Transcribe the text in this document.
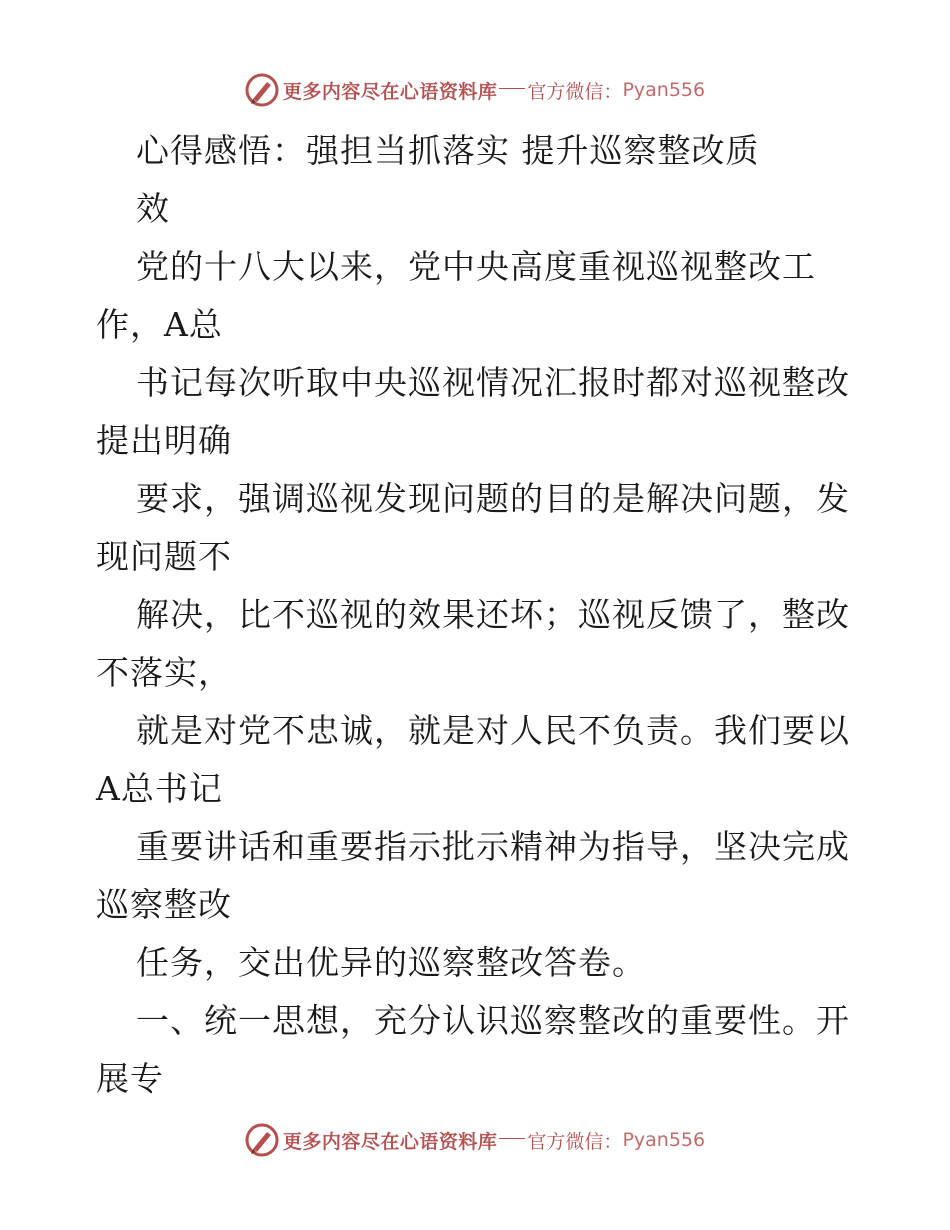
更多内容尽在心语资料库 官方微信： Pyan556
心得感悟：强担当抓落实 提升巡察整改质
效
党的十八大以来，党中央高度重视巡视整改工
作，A总
书记每次听取中央巡视情况汇报时都对巡视整改
提出明确
要求，强调巡视发现问题的目的是解决问题，发
现问题不
解决，比不巡视的效果还坏；巡视反馈了，整改
不落实，
就是对党不忠诚，就是对人民不负责。我们要以
A总书记
重要讲话和重要指示批示精神为指导，坚决完成
巡察整改
任务，交出优异的巡察整改答卷。
一、统一思想，充分认识巡察整改的重要性。开
展专
更多内容尽在心语资料库 官方微信： Pyan556
